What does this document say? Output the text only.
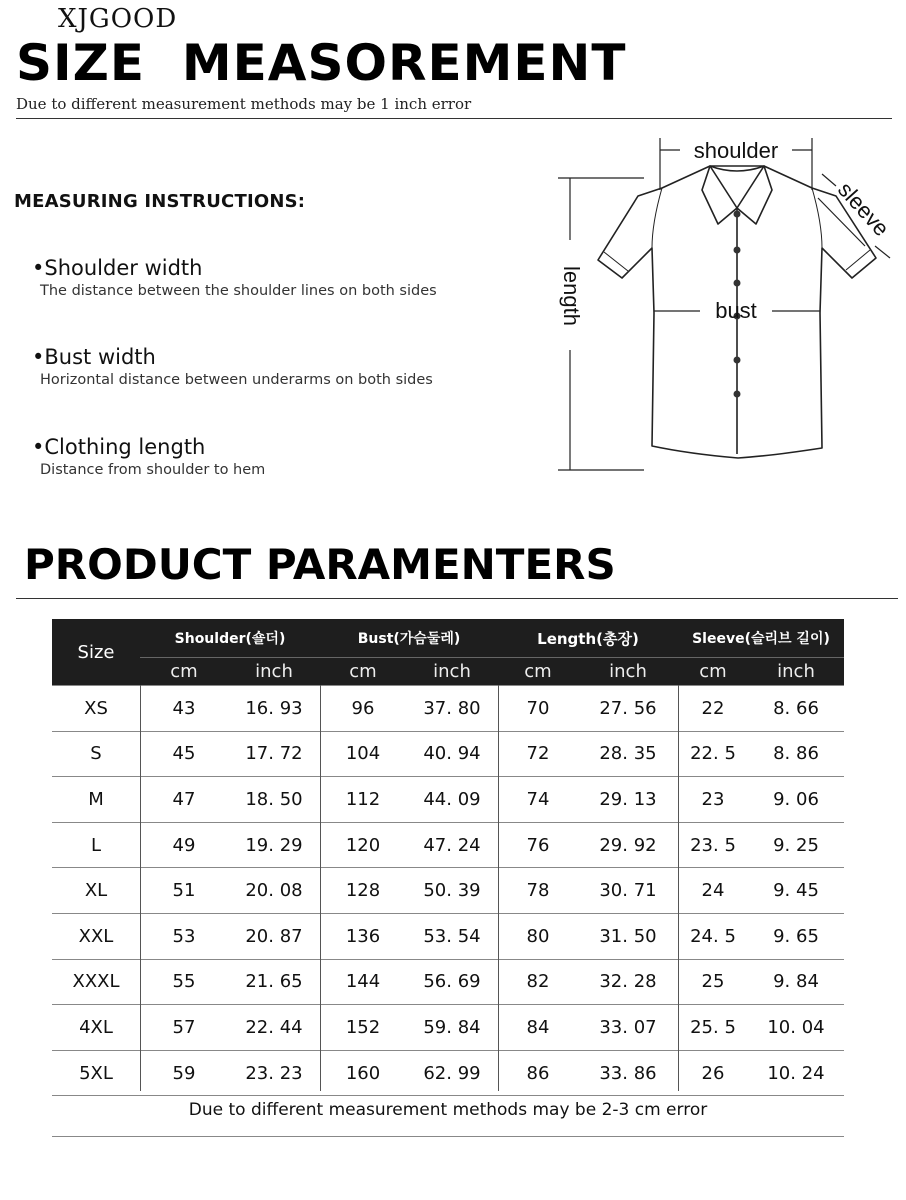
XJGOOD
SIZE  MEASOREMENT
Due to different measurement methods may be 1 inch error
MEASURING INSTRUCTIONS:
•Shoulder width
The distance between the shoulder lines on both sides
•Bust width
Horizontal distance between underarms on both sides
•Clothing length
Distance from shoulder to hem
shoulder
sleeve
length	bust
PRODUCT PARAMENTERS
Size
Shoulder(숄더)	Bust(가슴둘레)	Length(총장)	Sleeve(슬리브 길이)
cm	inch	cm	inch	cm	inch	cm	inch
XS	43	16. 93	96	37. 80	70	27. 56	22	8. 66
S	45	17. 72	104	40. 94	72	28. 35	22. 5	8. 86
M	47	18. 50	112	44. 09	74	29. 13	23	9. 06
L	49	19. 29	120	47. 24	76	29. 92	23. 5	9. 25
XL	51	20. 08	128	50. 39	78	30. 71	24	9. 45
XXL	53	20. 87	136	53. 54	80	31. 50	24. 5	9. 65
XXXL	55	21. 65	144	56. 69	82	32. 28	25	9. 84
4XL	57	22. 44	152	59. 84	84	33. 07	25. 5	10. 04
5XL	59	23. 23	160	62. 99	86	33. 86	26	10. 24
Due to different measurement methods may be 2-3 cm error
